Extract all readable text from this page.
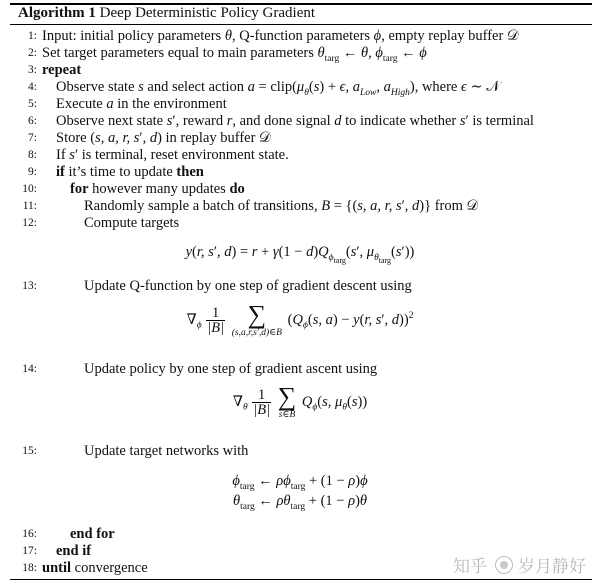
Algorithm 1 Deep Deterministic Policy Gradient
1: Input: initial policy parameters θ, Q-function parameters ϕ, empty replay buffer 𝒟
2: Set target parameters equal to main parameters $\theta_{targ}$ ← θ, $\phi_{targ}$ ← ϕ
3: repeat
4: Observe state s and select action $a = clip(\mu_\theta(s) + \epsilon$, $a_{Low}$, $a_{High}$), where ϵ ∼ 𝒩
5: Execute a in the environment
6: Observe next state s′, reward r, and done signal d to indicate whether s′ is terminal
7: Store (s, a, r, s′, d) in replay buffer 𝒟
8: If s′ is terminal, reset environment state.
9: if it’s time to update then
10: for however many updates do
11:	Randomly sample a batch of transitions, B = {(s, a, r, s′, d)} from 𝒟
12:	Compute targets
y(r, s′, $d) = r + \gamma(1 - d)Q_{\phi_{targ}}(s'$, $\mu_{\theta_{targ}}(s')$)
13:	Update Q-function by one step of gradient descent using
$\nabla_\phi \frac{1}{|B|}$
∑
(s,a,r,s′,d)∈B
($Q_\phi(s$, a) − y(r, s′, d))$^2$
14:	Update policy by one step of gradient ascent using
$\nabla_\theta \frac{1}{|B|}$
∑
s∈B
$Q_\phi(s$, $\mu_\theta(s)$)
15:	Update target networks with
$\phi_{targ}$ ← $\rho\phi_{targ} + (1 - \rho)\phi$
$\theta_{targ}$ ← $\rho\theta_{targ} + (1 - \rho)\theta$
16: end for
17: end if
18: until convergence	知乎 岁月静好
